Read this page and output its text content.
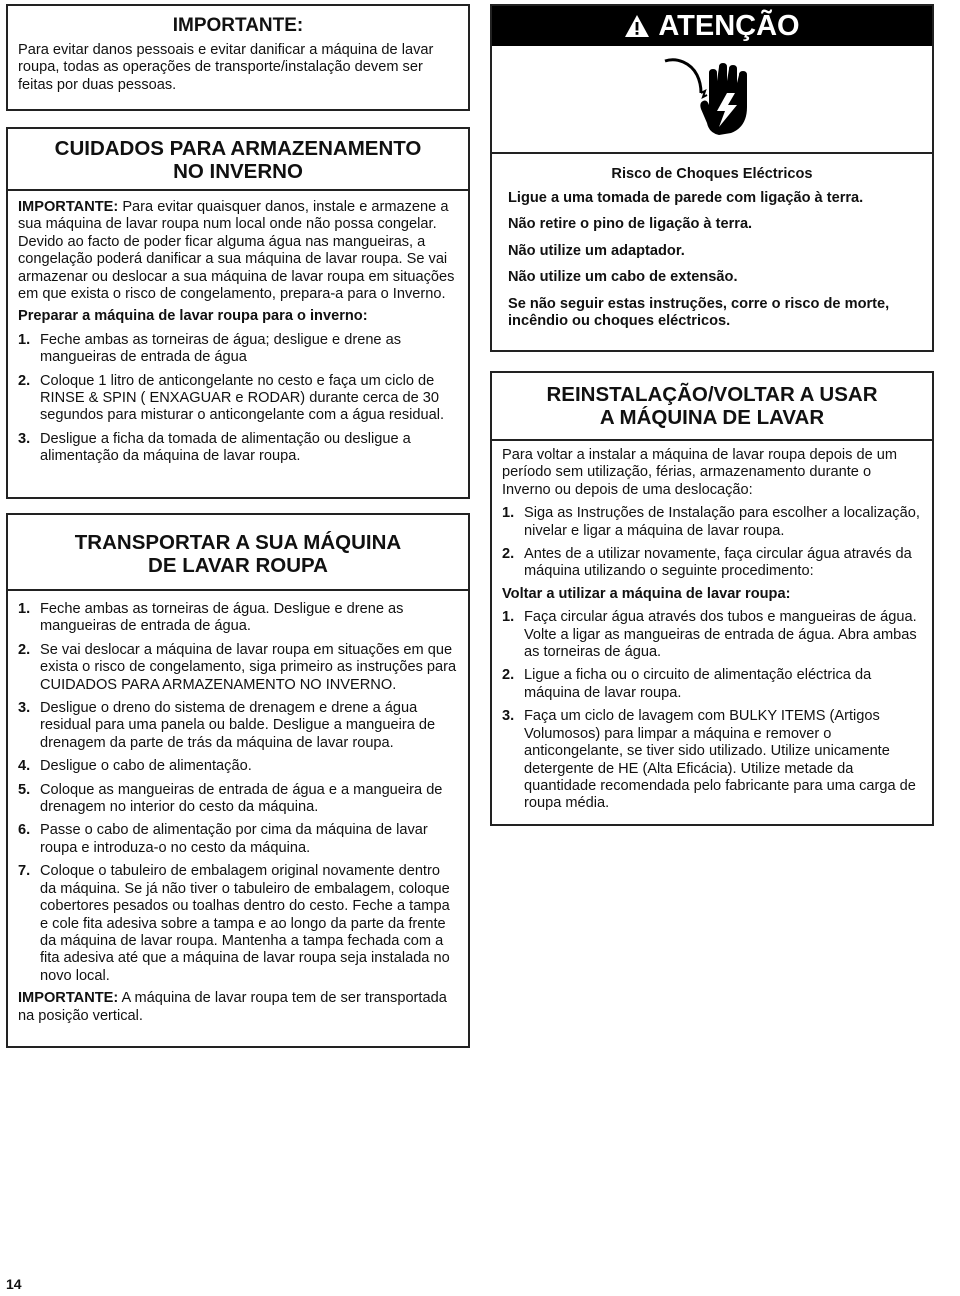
IMPORTANTE:

Para evitar danos pessoais e evitar danificar a máquina de lavar roupa, todas as operações de transporte/instalação devem ser feitas por duas pessoas.

CUIDADOS PARA ARMAZENAMENTO

NO INVERNO

IMPORTANTE: Para evitar quaisquer danos, instale e armazene a sua máquina de lavar roupa num local onde não possa congelar. Devido ao facto de poder ficar alguma água nas mangueiras, a congelação poderá danificar a sua máquina de lavar roupa. Se vai armazenar ou deslocar a sua máquina de lavar roupa em situações em que exista o risco de congelamento, prepara-a para o Inverno.

Preparar a máquina de lavar roupa para o inverno:

1. Feche ambas as torneiras de água; desligue e drene as mangueiras de entrada de água
2. Coloque 1 litro de anticongelante no cesto e faça um ciclo de RINSE & SPIN ( ENXAGUAR e RODAR) durante cerca de 30 segundos para misturar o anticongelante com a água residual.
3. Desligue a ficha da tomada de alimentação ou desligue a alimentação da máquina de lavar roupa.

TRANSPORTAR A SUA MÁQUINA

DE LAVAR ROUPA

1. Feche ambas as torneiras de água. Desligue e drene as mangueiras de entrada de água.
2. Se vai deslocar a máquina de lavar roupa em situações em que exista o risco de congelamento, siga primeiro as instruções para CUIDADOS PARA ARMAZENAMENTO NO INVERNO.
3. Desligue o dreno do sistema de drenagem e drene a água residual para uma panela ou balde. Desligue a mangueira de drenagem da parte de trás da máquina de lavar roupa.
4. Desligue o cabo de alimentação.
5. Coloque as mangueiras de entrada de água e a mangueira de drenagem no interior do cesto da máquina.
6. Passe o cabo de alimentação por cima da máquina de lavar roupa e introduza-o no cesto da máquina.
7. Coloque o tabuleiro de embalagem original novamente dentro da máquina. Se já não tiver o tabuleiro de embalagem, coloque cobertores pesados ou toalhas dentro do cesto. Feche a tampa e cole fita adesiva sobre a tampa e ao longo da parte da frente da máquina de lavar roupa. Mantenha a tampa fechada com a fita adesiva até que a máquina de lavar roupa seja instalada no novo local.

IMPORTANTE: A máquina de lavar roupa tem de ser transportada na posição vertical.

ATENÇÃO

Risco de Choques Eléctricos

Ligue a uma tomada de parede com ligação à terra.

Não retire o pino de ligação à terra.

Não utilize um adaptador.

Não utilize um cabo de extensão.

Se não seguir estas instruções, corre o risco de morte, incêndio ou choques eléctricos.

REINSTALAÇÃO/VOLTAR A USAR

A MÁQUINA DE LAVAR

Para voltar a instalar a máquina de lavar roupa depois de um período sem utilização, férias, armazenamento durante o Inverno ou depois de uma deslocação:

1. Siga as Instruções de Instalação para escolher a localização, nivelar e ligar a máquina de lavar roupa.
2. Antes de a utilizar novamente, faça circular água através da máquina utilizando o seguinte procedimento:

Voltar a utilizar a máquina de lavar roupa:

1. Faça circular água através dos tubos e mangueiras de água. Volte a ligar as mangueiras de entrada de água. Abra ambas as torneiras de água.
2. Ligue a ficha ou o circuito de alimentação eléctrica da máquina de lavar roupa.
3. Faça um ciclo de lavagem com BULKY ITEMS (Artigos Volumosos) para limpar a máquina e remover o anticongelante, se tiver sido utilizado. Utilize unicamente detergente de HE (Alta Eficácia). Utilize metade da quantidade recomendada pelo fabricante para uma carga de roupa média.
14
